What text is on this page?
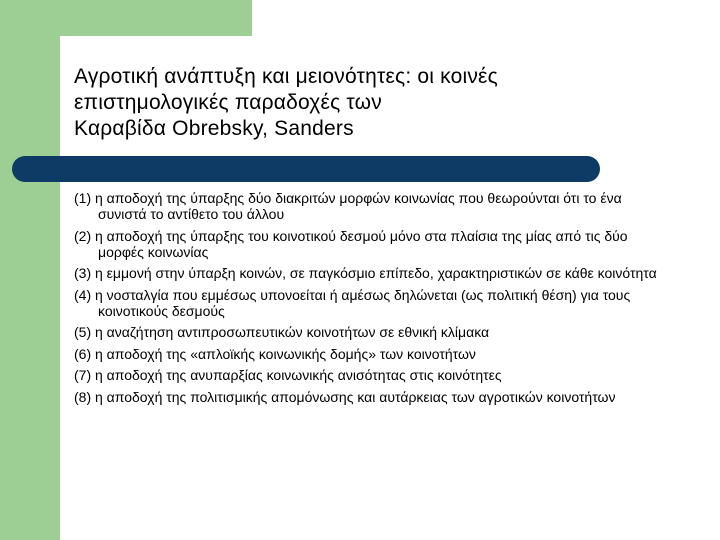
Αγροτική ανάπτυξη και μειονότητες: οι κοινές
επιστημολογικές παραδοχές των
Καραβίδα Obrebsky, Sanders
(1) η αποδοχή της ύπαρξης δύο διακριτών μορφών κοινωνίας που θεωρούνται ότι το ένα συνιστά το αντίθετο του άλλου
(2) η αποδοχή της ύπαρξης του κοινοτικού δεσμού μόνο στα πλαίσια της μίας από τις δύο μορφές κοινωνίας
(3) η εμμονή στην ύπαρξη κοινών, σε παγκόσμιο επίπεδο, χαρακτηριστικών σε κάθε κοινότητα
(4) η νοσταλγία που εμμέσως υπονοείται ή αμέσως δηλώνεται (ως πολιτική θέση) για τους κοινοτικούς δεσμούς
(5) η αναζήτηση αντιπροσωπευτικών κοινοτήτων σε εθνική κλίμακα
(6) η αποδοχή της «απλοϊκής κοινωνικής δομής» των κοινοτήτων
(7) η αποδοχή της ανυπαρξίας κοινωνικής ανισότητας στις κοινότητες
(8) η αποδοχή της πολιτισμικής απομόνωσης και αυτάρκειας των αγροτικών κοινοτήτων
